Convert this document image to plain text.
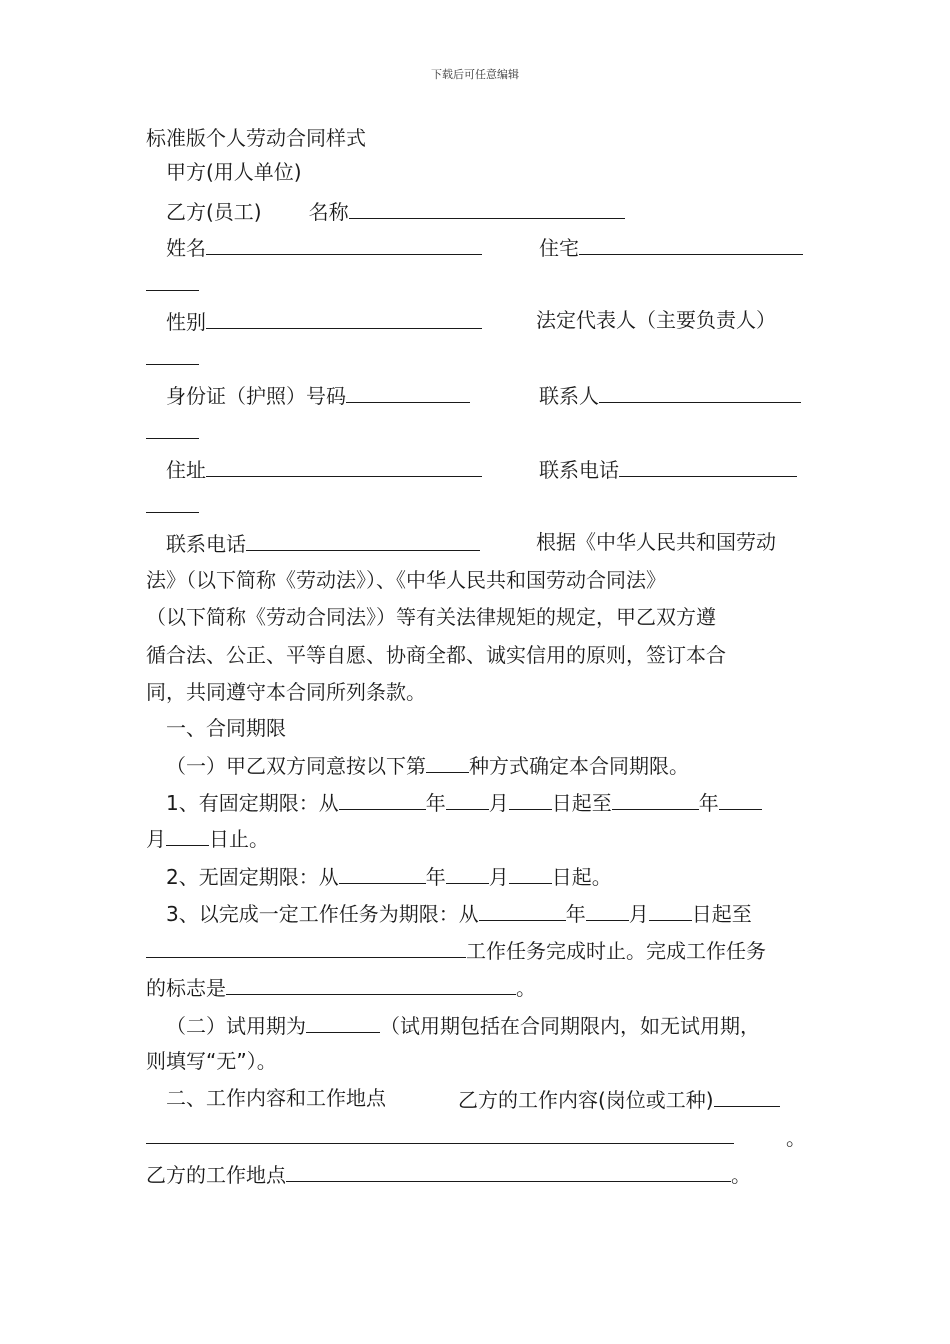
下载后可任意编辑
标准版个人劳动合同样式
甲方(用人单位)
乙方(员工) 名称
姓名	住宅
性别	法定代表人（主要负责人）
身份证（护照）号码	联系人
住址	联系电话
联系电话	根据《中华人民共和国劳动
法》（以下简称《劳动法》）、《中华人民共和国劳动合同法》
（以下简称《劳动合同法》）等有关法律规矩的规定，甲乙双方遵
循合法、公正、平等自愿、协商全都、诚实信用的原则，签订本合
同，共同遵守本合同所列条款。
一、合同期限
（一）甲乙双方同意按以下第 种方式确定本合同期限。
1、有固定期限：从	年 月 日起至	年
月 日止。
2、无固定期限：从	年 月 日起。
3、以完成一定工作任务为期限：从	年 月 日起至
工作任务完成时止。完成工作任务
的标志是	。
（二）试用期为	（试用期包括在合同期限内，如无试用期，
则填写“无”）。
二、工作内容和工作地点	乙方的工作内容(岗位或工种)
。
乙方的工作地点	。
